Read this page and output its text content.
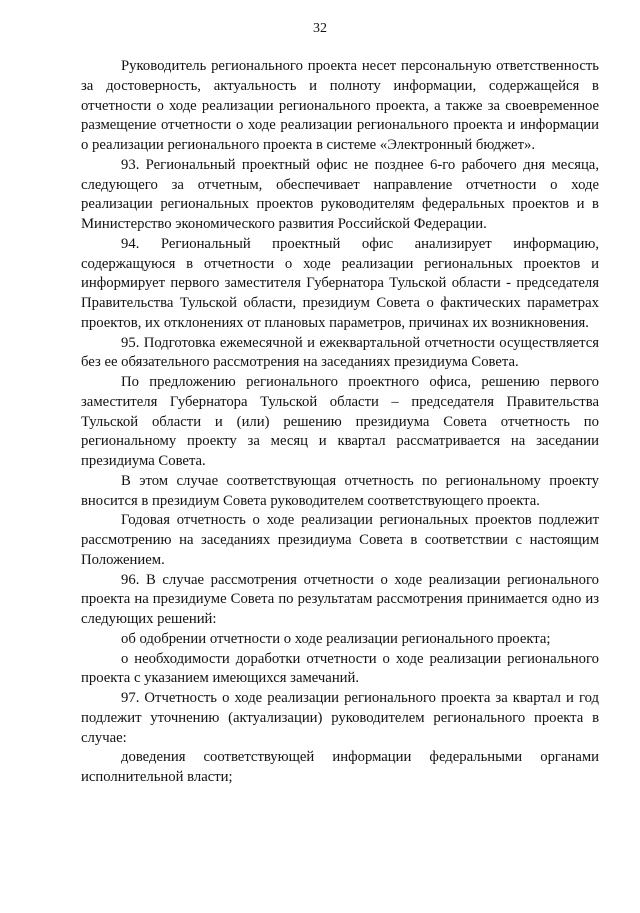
32

Руководитель регионального проекта несет персональную ответственность за достоверность, актуальность и полноту информации, содержащейся в отчетности о ходе реализации регионального проекта, а также за своевременное размещение отчетности о ходе реализации регионального проекта и информации о реализации регионального проекта в системе «Электронный бюджет».

93. Региональный проектный офис не позднее 6-го рабочего дня месяца, следующего за отчетным, обеспечивает направление отчетности о ходе реализации региональных проектов руководителям федеральных проектов и в Министерство экономического развития Российской Федерации.

94. Региональный проектный офис анализирует информацию, содержащуюся в отчетности о ходе реализации региональных проектов и информирует первого заместителя Губернатора Тульской области - председателя Правительства Тульской области, президиум Совета о фактических параметрах проектов, их отклонениях от плановых параметров, причинах их возникновения.

95. Подготовка ежемесячной и ежеквартальной отчетности осуществляется без ее обязательного рассмотрения на заседаниях президиума Совета.

По предложению регионального проектного офиса, решению первого заместителя Губернатора Тульской области – председателя Правительства Тульской области и (или) решению президиума Совета отчетность по региональному проекту за месяц и квартал рассматривается на заседании президиума Совета.

В этом случае соответствующая отчетность по региональному проекту вносится в президиум Совета руководителем соответствующего проекта.

Годовая отчетность о ходе реализации региональных проектов подлежит рассмотрению на заседаниях президиума Совета в соответствии с настоящим Положением.

96. В случае рассмотрения отчетности о ходе реализации регионального проекта на президиуме Совета по результатам рассмотрения принимается одно из следующих решений:

об одобрении отчетности о ходе реализации регионального проекта;

о необходимости доработки отчетности о ходе реализации регионального проекта с указанием имеющихся замечаний.

97. Отчетность о ходе реализации регионального проекта за квартал и год подлежит уточнению (актуализации) руководителем регионального проекта в случае:

доведения соответствующей информации федеральными органами исполнительной власти;
